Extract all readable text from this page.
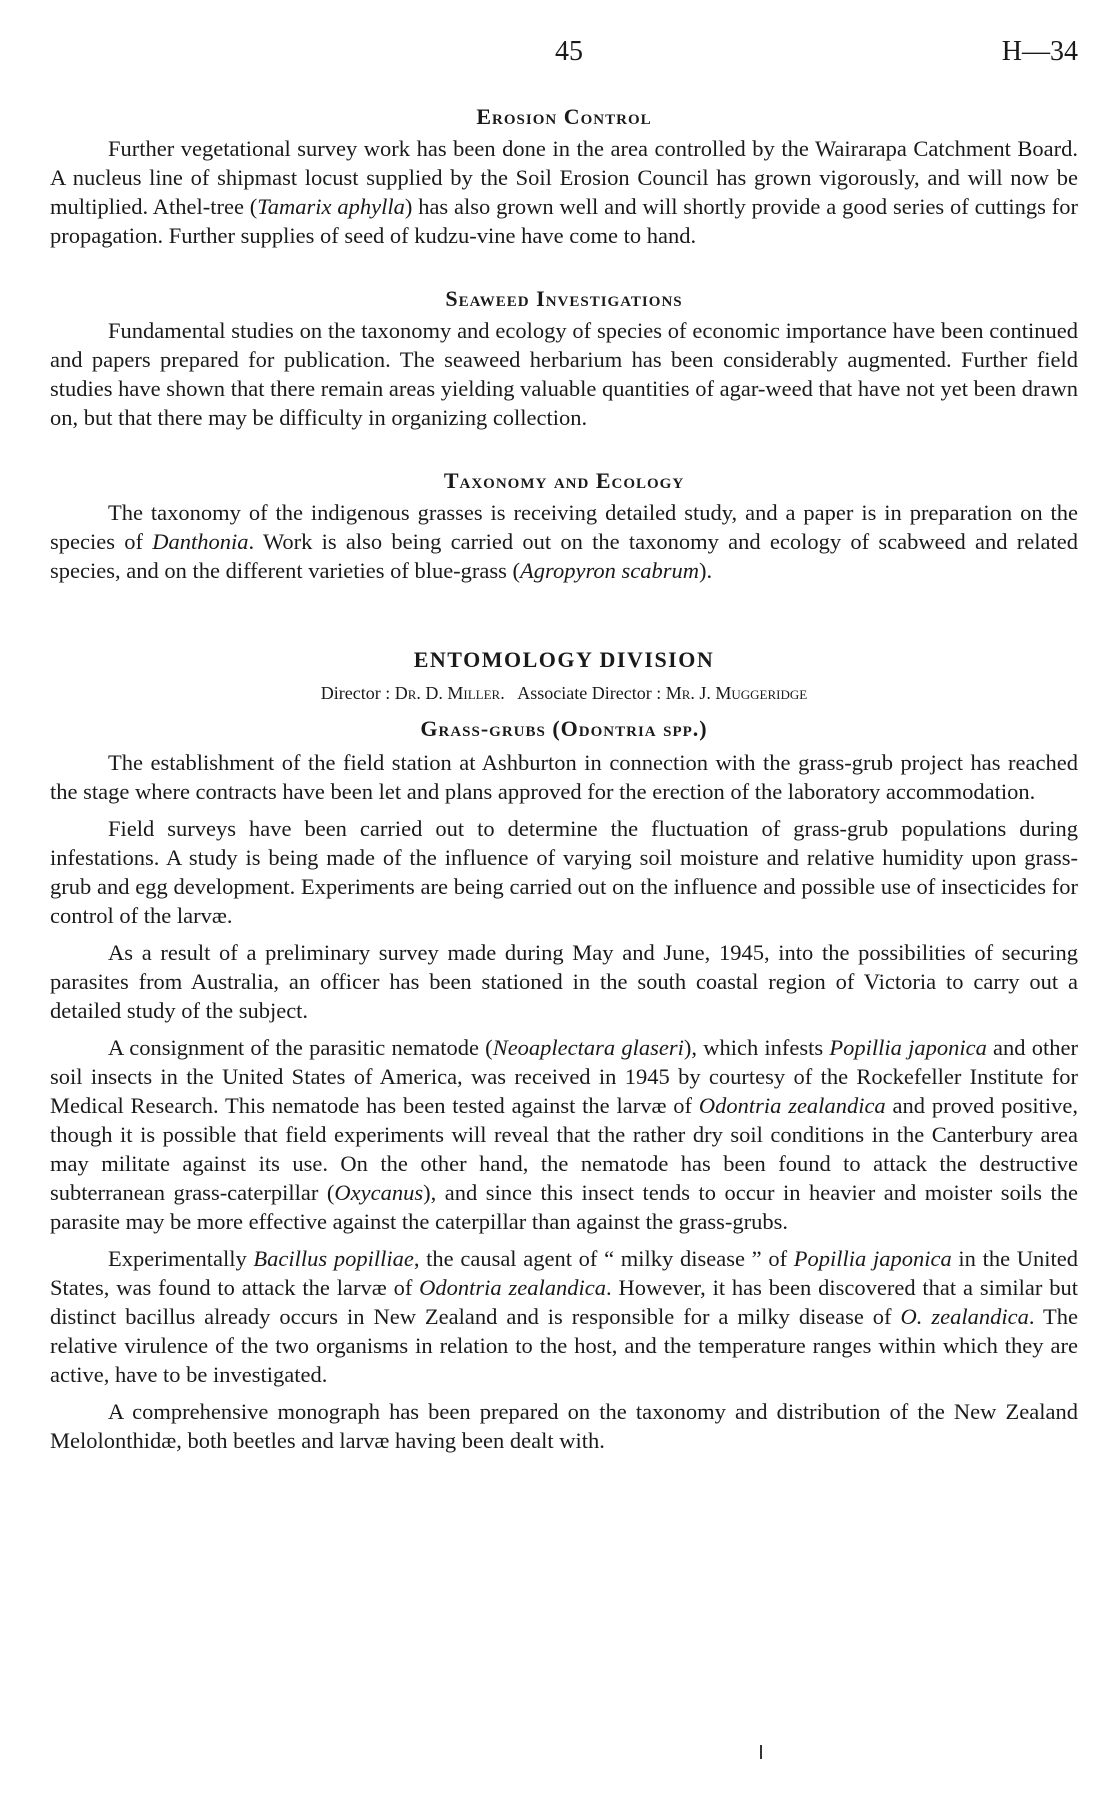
45	H—34
Erosion Control

Further vegetational survey work has been done in the area controlled by the Wairarapa Catchment Board. A nucleus line of shipmast locust supplied by the Soil Erosion Council has grown vigorously, and will now be multiplied. Athel-tree (Tamarix aphylla) has also grown well and will shortly provide a good series of cuttings for propagation. Further supplies of seed of kudzu-vine have come to hand.

Seaweed Investigations

Fundamental studies on the taxonomy and ecology of species of economic importance have been continued and papers prepared for publication. The seaweed herbarium has been considerably augmented. Further field studies have shown that there remain areas yielding valuable quantities of agar-weed that have not yet been drawn on, but that there may be difficulty in organizing collection.

Taxonomy and Ecology

The taxonomy of the indigenous grasses is receiving detailed study, and a paper is in preparation on the species of Danthonia. Work is also being carried out on the taxonomy and ecology of scabweed and related species, and on the different varieties of blue-grass (Agropyron scabrum).

ENTOMOLOGY DIVISION

Director : Dr. D. Miller. Associate Director : Mr. J. Muggeridge

Grass-grubs (Odontria spp.)

The establishment of the field station at Ashburton in connection with the grass-grub project has reached the stage where contracts have been let and plans approved for the erection of the laboratory accommodation.

Field surveys have been carried out to determine the fluctuation of grass-grub populations during infestations. A study is being made of the influence of varying soil moisture and relative humidity upon grass-grub and egg development. Experiments are being carried out on the influence and possible use of insecticides for control of the larvæ.

As a result of a preliminary survey made during May and June, 1945, into the possibilities of securing parasites from Australia, an officer has been stationed in the south coastal region of Victoria to carry out a detailed study of the subject.

A consignment of the parasitic nematode (Neoaplectara glaseri), which infests Popillia japonica and other soil insects in the United States of America, was received in 1945 by courtesy of the Rockefeller Institute for Medical Research. This nematode has been tested against the larvæ of Odontria zealandica and proved positive, though it is possible that field experiments will reveal that the rather dry soil conditions in the Canterbury area may militate against its use. On the other hand, the nematode has been found to attack the destructive subterranean grass-caterpillar (Oxycanus), and since this insect tends to occur in heavier and moister soils the parasite may be more effective against the caterpillar than against the grass-grubs.

Experimentally Bacillus popilliae, the causal agent of “ milky disease ” of Popillia japonica in the United States, was found to attack the larvæ of Odontria zealandica. However, it has been discovered that a similar but distinct bacillus already occurs in New Zealand and is responsible for a milky disease of O. zealandica. The relative virulence of the two organisms in relation to the host, and the temperature ranges within which they are active, have to be investigated.

A comprehensive monograph has been prepared on the taxonomy and distribution of the New Zealand Melolonthidæ, both beetles and larvæ having been dealt with.
